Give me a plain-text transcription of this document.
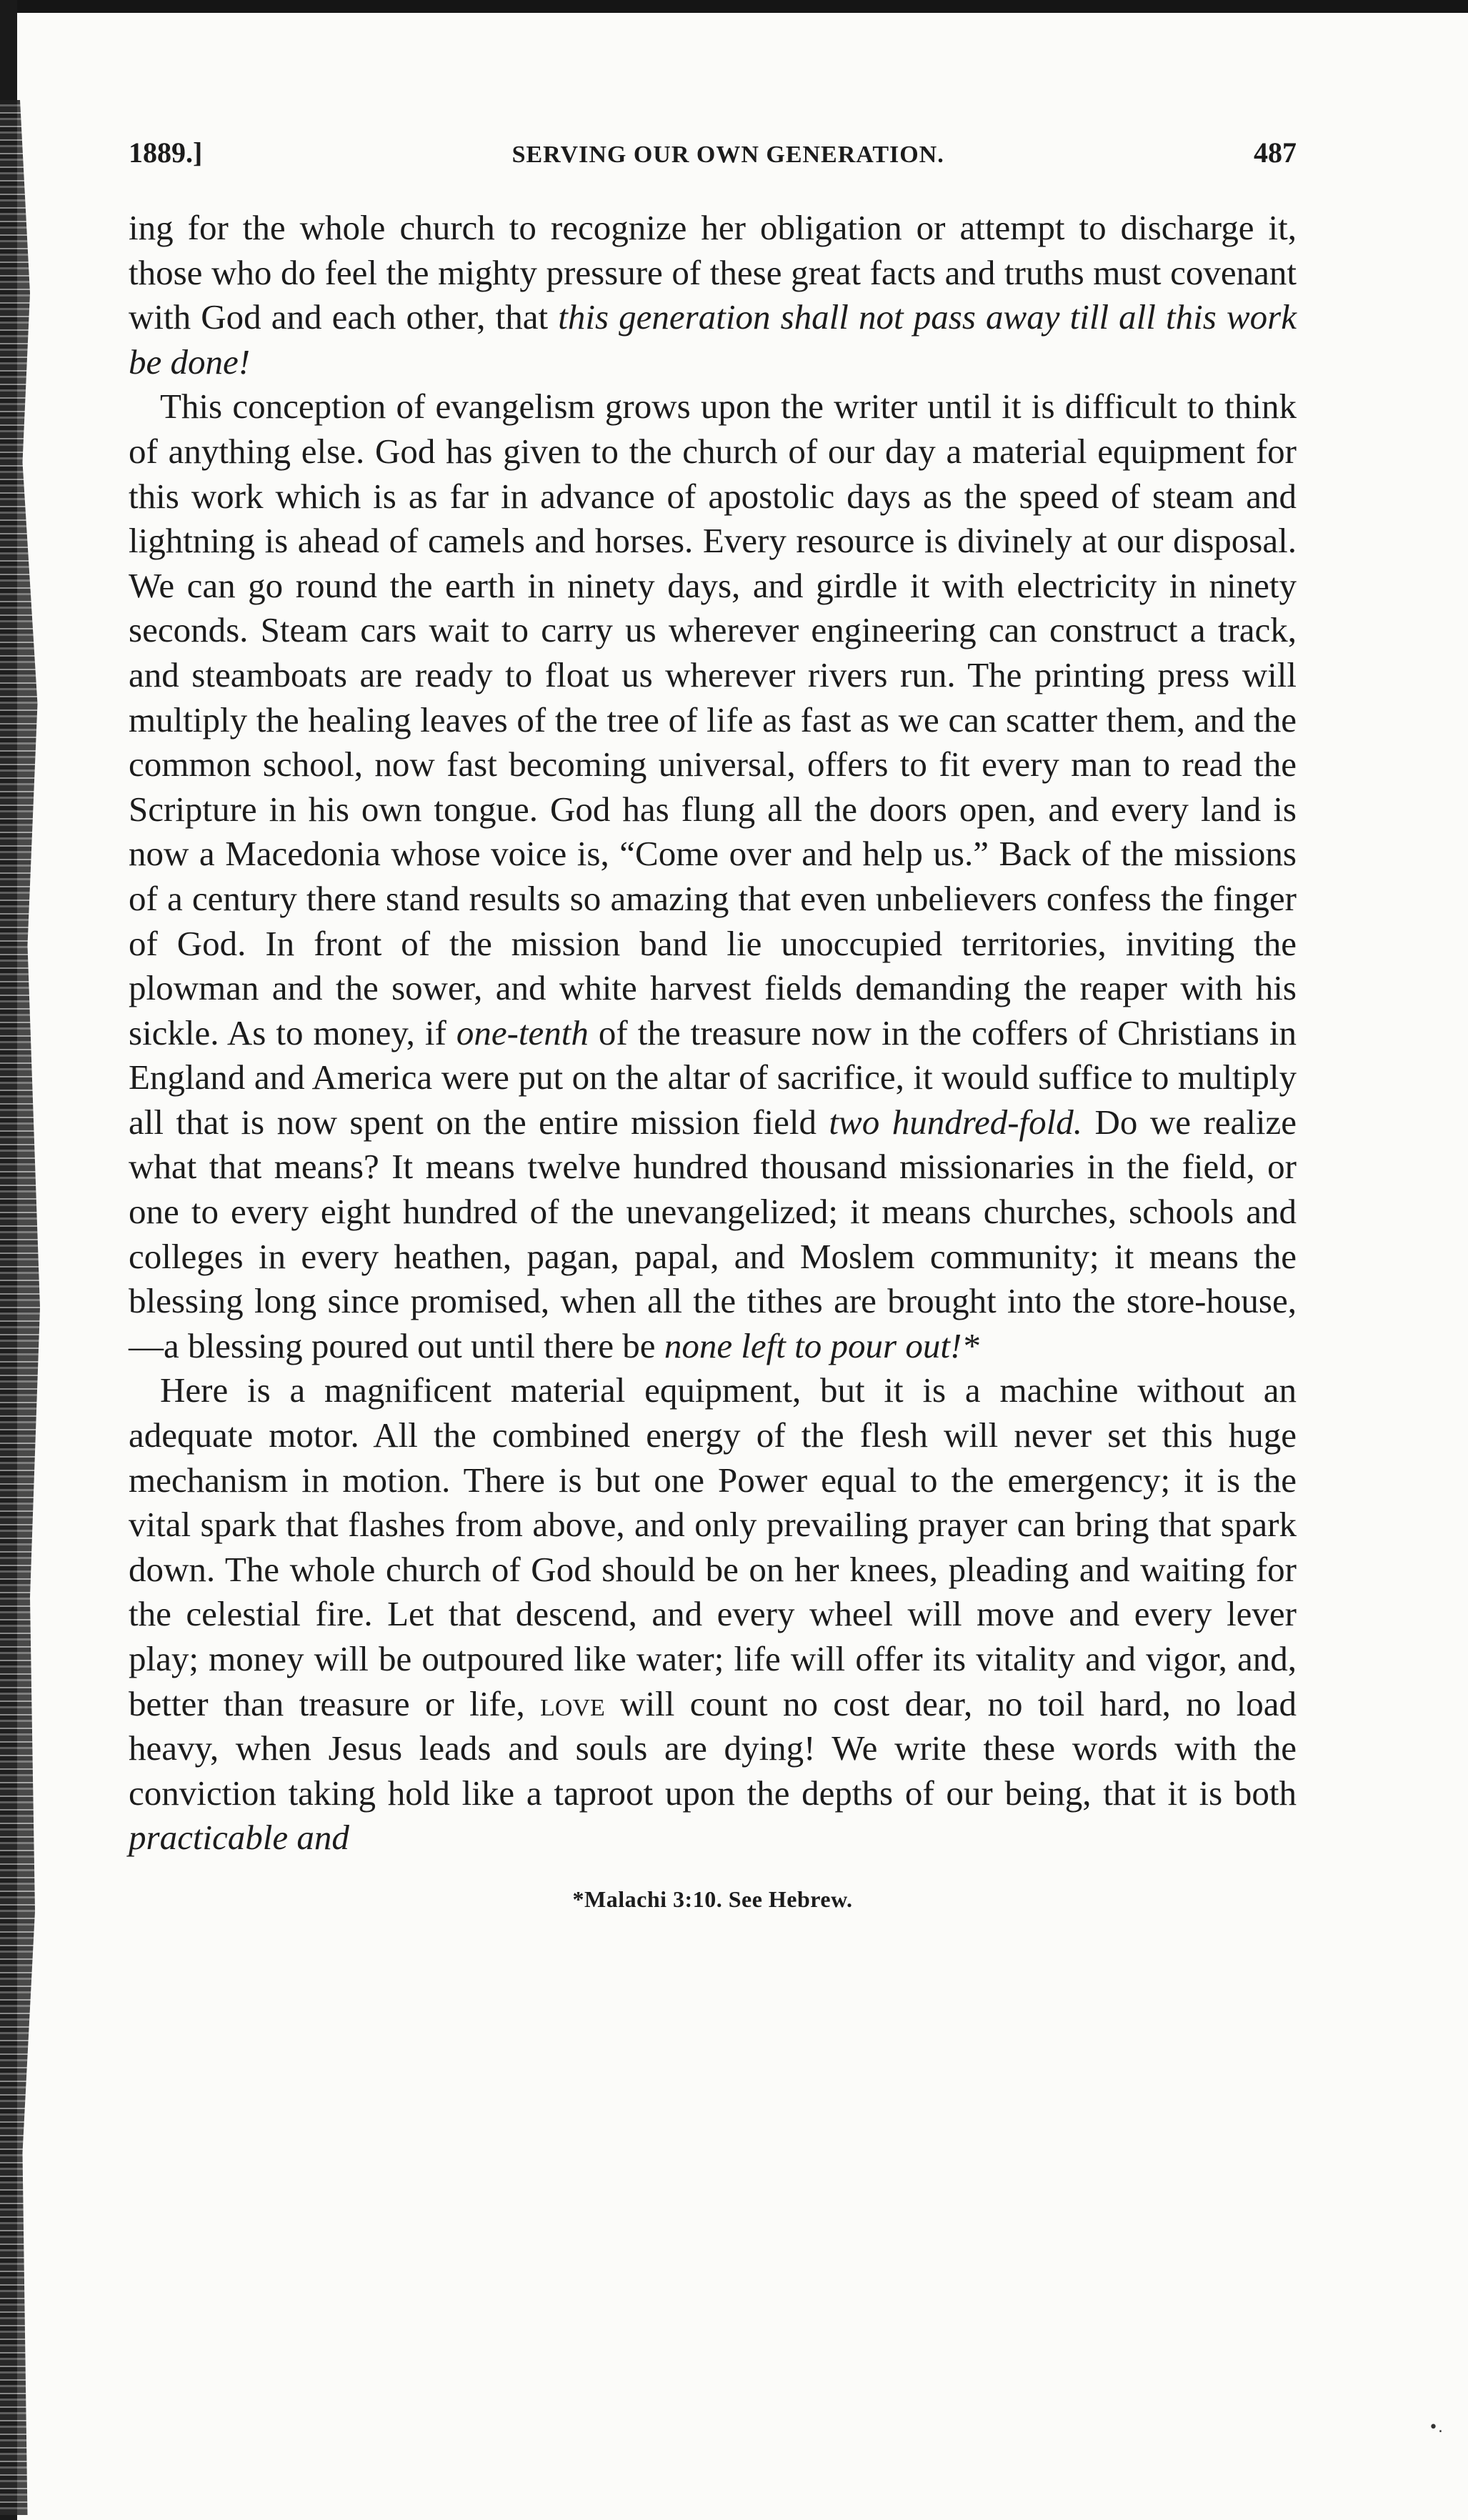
1889.]	SERVING OUR OWN GENERATION.	487

ing for the whole church to recognize her obligation or attempt to discharge it, those who do feel the mighty pressure of these great facts and truths must covenant with God and each other, that this generation shall not pass away till all this work be done!

This conception of evangelism grows upon the writer until it is difficult to think of anything else. God has given to the church of our day a material equipment for this work which is as far in advance of apostolic days as the speed of steam and lightning is ahead of camels and horses. Every resource is divinely at our disposal. We can go round the earth in ninety days, and girdle it with electricity in ninety seconds. Steam cars wait to carry us wherever engineering can construct a track, and steamboats are ready to float us wherever rivers run. The printing press will multiply the healing leaves of the tree of life as fast as we can scatter them, and the common school, now fast becoming universal, offers to fit every man to read the Scripture in his own tongue. God has flung all the doors open, and every land is now a Macedonia whose voice is, “Come over and help us.” Back of the missions of a century there stand results so amazing that even unbelievers confess the finger of God. In front of the mission band lie unoccupied territories, inviting the plowman and the sower, and white harvest fields demanding the reaper with his sickle. As to money, if one-tenth of the treasure now in the coffers of Christians in England and America were put on the altar of sacrifice, it would suffice to multiply all that is now spent on the entire mission field two hundred-fold. Do we realize what that means? It means twelve hundred thousand missionaries in the field, or one to every eight hundred of the unevangelized; it means churches, schools and colleges in every heathen, pagan, papal, and Moslem community; it means the blessing long since promised, when all the tithes are brought into the store-house,—a blessing poured out until there be none left to pour out!*

Here is a magnificent material equipment, but it is a machine without an adequate motor. All the combined energy of the flesh will never set this huge mechanism in motion. There is but one Power equal to the emergency; it is the vital spark that flashes from above, and only prevailing prayer can bring that spark down. The whole church of God should be on her knees, pleading and waiting for the celestial fire. Let that descend, and every wheel will move and every lever play; money will be outpoured like water; life will offer its vitality and vigor, and, better than treasure or life, love will count no cost dear, no toil hard, no load heavy, when Jesus leads and souls are dying! We write these words with the conviction taking hold like a taproot upon the depths of our being, that it is both practicable and

*Malachi 3:10. See Hebrew.
•.
